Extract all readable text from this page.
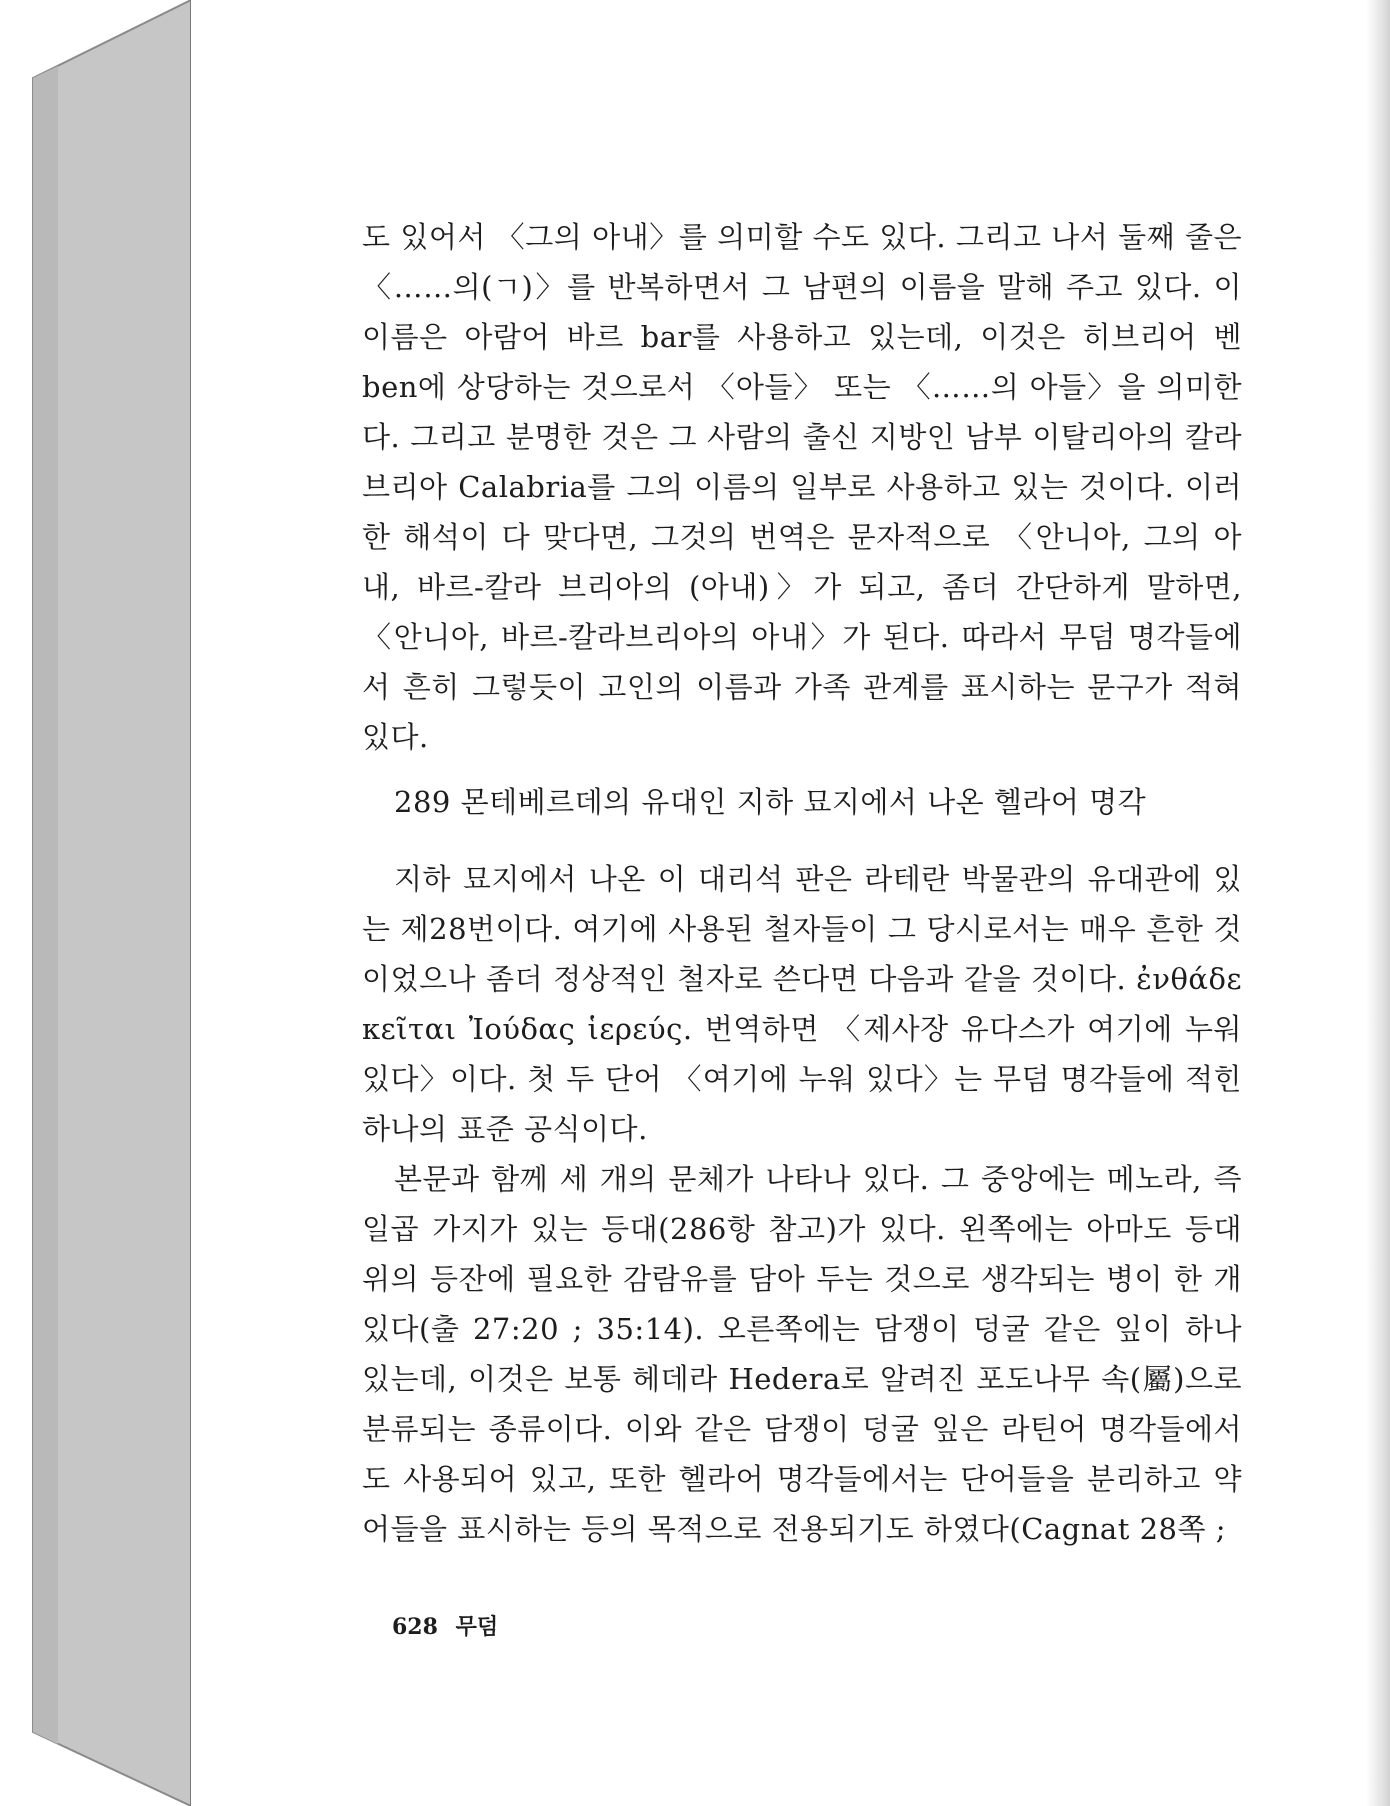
도 있어서 〈그의 아내〉를 의미할 수도 있다. 그리고 나서 둘째 줄은 〈……의(ㄱ)〉를 반복하면서 그 남편의 이름을 말해 주고 있다. 이 이름은 아람어 바르 bar를 사용하고 있는데, 이것은 히브리어 벤 ben에 상당하는 것으로서 〈아들〉 또는 〈……의 아들〉을 의미한다. 그리고 분명한 것은 그 사람의 출신 지방인 남부 이탈리아의 칼라브리아 Calabria를 그의 이름의 일부로 사용하고 있는 것이다. 이러한 해석이 다 맞다면, 그것의 번역은 문자적으로 〈안니아, 그의 아내, 바르-칼라 브리아의 (아내)〉가 되고, 좀더 간단하게 말하면, 〈안니아, 바르-칼라브리아의 아내〉가 된다. 따라서 무덤 명각들에서 흔히 그렇듯이 고인의 이름과 가족 관계를 표시하는 문구가 적혀 있다.

289 몬테베르데의 유대인 지하 묘지에서 나온 헬라어 명각

지하 묘지에서 나온 이 대리석 판은 라테란 박물관의 유대관에 있는 제28번이다. 여기에 사용된 철자들이 그 당시로서는 매우 흔한 것이었으나 좀더 정상적인 철자로 쓴다면 다음과 같을 것이다. ἐνθάδε κεῖται Ἰούδας ἱερεύς. 번역하면 〈제사장 유다스가 여기에 누워 있다〉이다. 첫 두 단어 〈여기에 누워 있다〉는 무덤 명각들에 적힌 하나의 표준 공식이다.

본문과 함께 세 개의 문체가 나타나 있다. 그 중앙에는 메노라, 즉 일곱 가지가 있는 등대(286항 참고)가 있다. 왼쪽에는 아마도 등대 위의 등잔에 필요한 감람유를 담아 두는 것으로 생각되는 병이 한 개 있다(출 27:20 ; 35:14). 오른쪽에는 담쟁이 덩굴 같은 잎이 하나 있는데, 이것은 보통 헤데라 Hedera로 알려진 포도나무 속(屬)으로 분류되는 종류이다. 이와 같은 담쟁이 덩굴 잎은 라틴어 명각들에서도 사용되어 있고, 또한 헬라어 명각들에서는 단어들을 분리하고 약어들을 표시하는 등의 목적으로 전용되기도 하였다(Cagnat 28쪽 ;

628 무덤
